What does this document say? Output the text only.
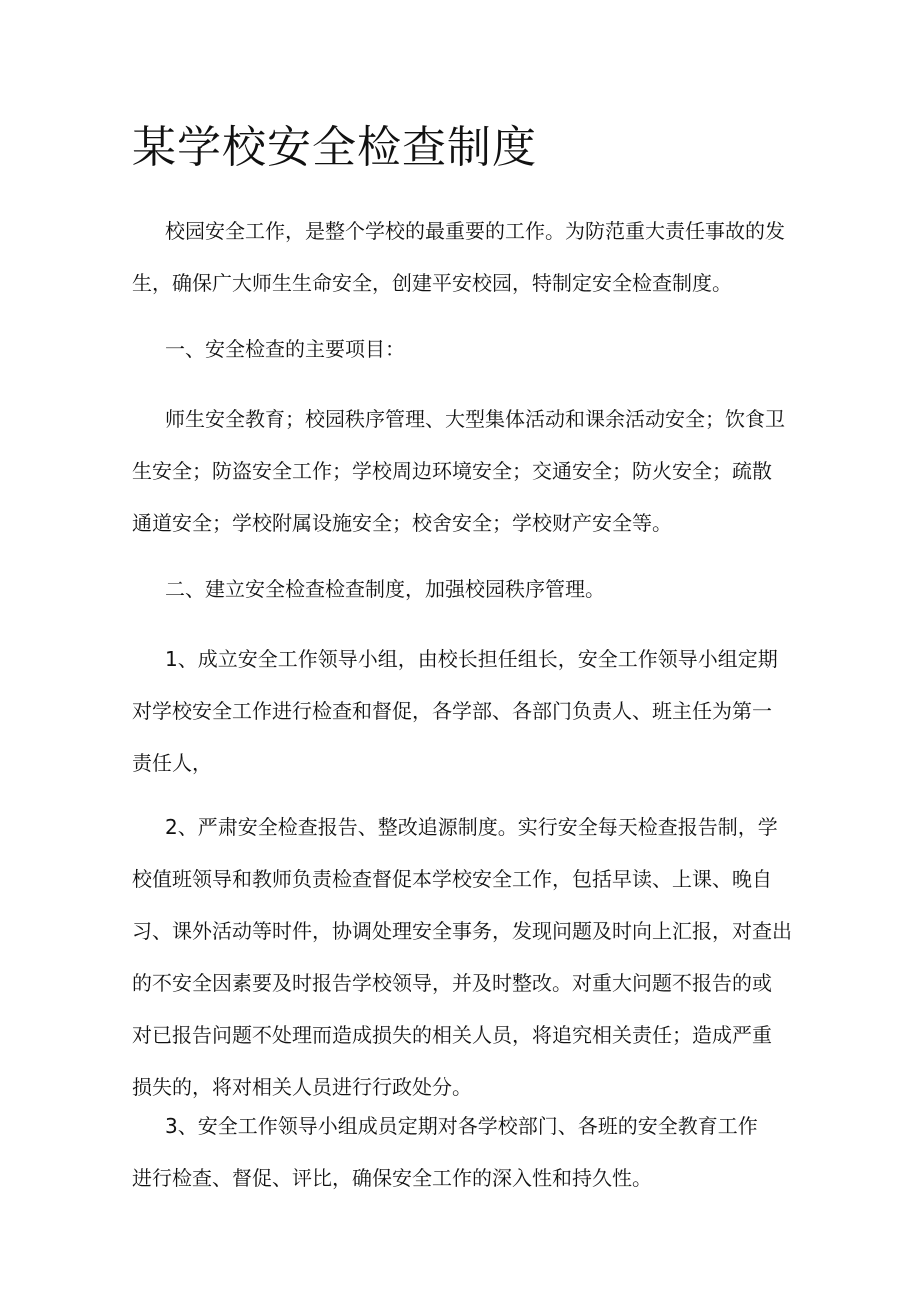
某学校安全检查制度

校园安全工作，是整个学校的最重要的工作。为防范重大责任事故的发
生，确保广大师生生命安全，创建平安校园，特制定安全检查制度。

一、安全检查的主要项目：

师生安全教育；校园秩序管理、大型集体活动和课余活动安全；饮食卫
生安全；防盗安全工作；学校周边环境安全；交通安全；防火安全；疏散
通道安全；学校附属设施安全；校舍安全；学校财产安全等。

二、建立安全检查检查制度，加强校园秩序管理。

1、成立安全工作领导小组，由校长担任组长，安全工作领导小组定期
对学校安全工作进行检查和督促，各学部、各部门负责人、班主任为第一
责任人，

2、严肃安全检查报告、整改追源制度。实行安全每天检查报告制，学
校值班领导和教师负责检查督促本学校安全工作，包括早读、上课、晚自
习、课外活动等时件，协调处理安全事务，发现问题及时向上汇报，对查出
的不安全因素要及时报告学校领导，并及时整改。对重大问题不报告的或
对已报告问题不处理而造成损失的相关人员，将追究相关责任；造成严重
损失的，将对相关人员进行行政处分。

3、安全工作领导小组成员定期对各学校部门、各班的安全教育工作
进行检查、督促、评比，确保安全工作的深入性和持久性。
